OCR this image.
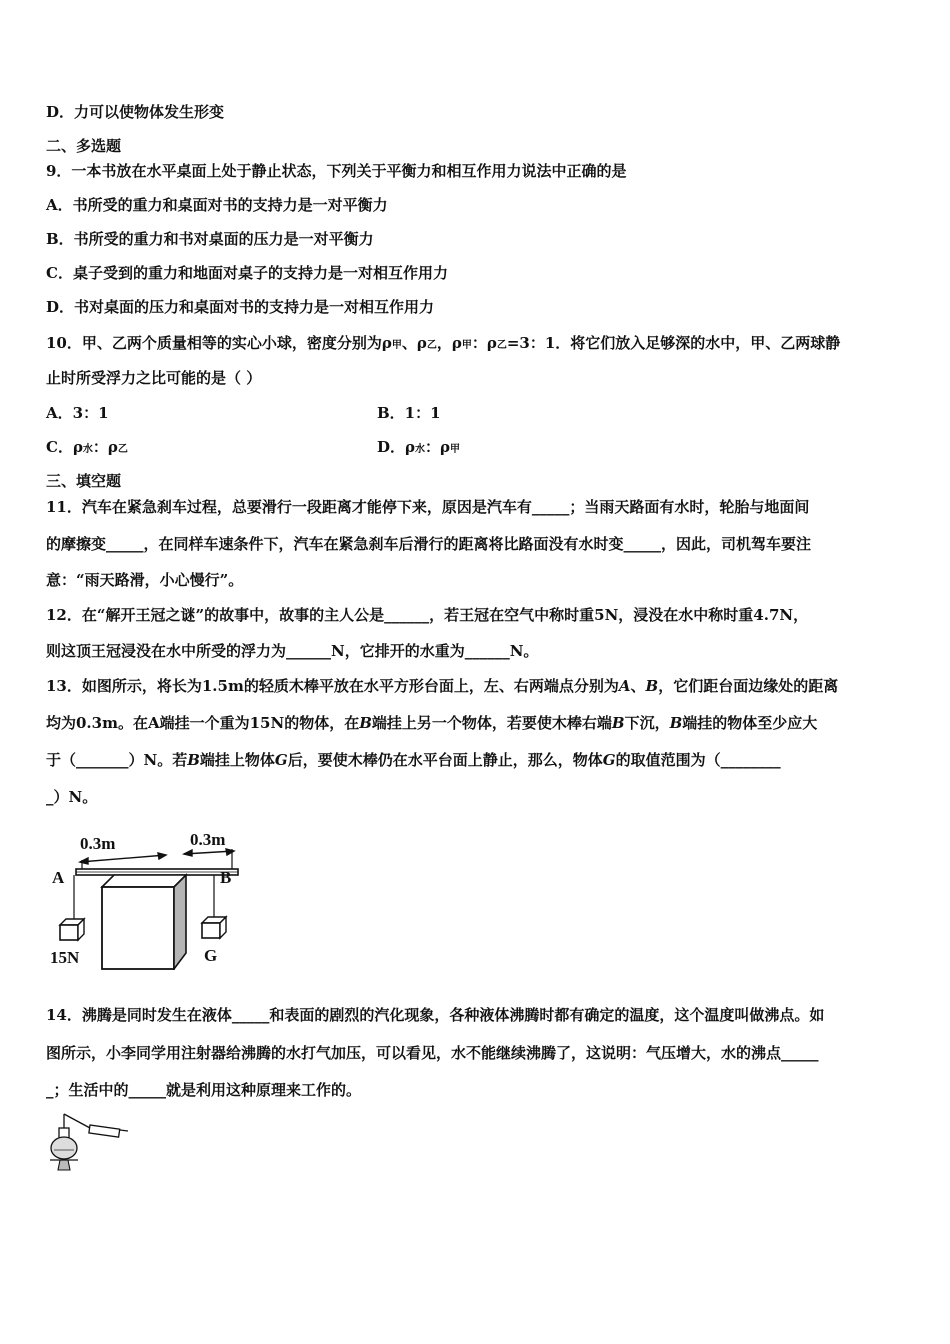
D．力可以使物体发生形变
二、多选题
9．一本书放在水平桌面上处于静止状态，下列关于平衡力和相互作用力说法中正确的是
A．书所受的重力和桌面对书的支持力是一对平衡力
B．书所受的重力和书对桌面的压力是一对平衡力
C．桌子受到的重力和地面对桌子的支持力是一对相互作用力
D．书对桌面的压力和桌面对书的支持力是一对相互作用力
10．甲、乙两个质量相等的实心小球，密度分别为ρ甲、ρ乙，ρ甲：ρ乙=3：1．将它们放入足够深的水中，甲、乙两球静
止时所受浮力之比可能的是（ ）
A．3：1	B．1：1
C．ρ水：ρ乙	D．ρ水：ρ甲
三、填空题
11．汽车在紧急刹车过程，总要滑行一段距离才能停下来，原因是汽车有_____；当雨天路面有水时，轮胎与地面间
的摩擦变_____，在同样车速条件下，汽车在紧急刹车后滑行的距离将比路面没有水时变_____，因此，司机驾车要注
意：“雨天路滑，小心慢行”。
12．在“解开王冠之谜”的故事中，故事的主人公是______，若王冠在空气中称时重5N，浸没在水中称时重4.7N，
则这顶王冠浸没在水中所受的浮力为______N，它排开的水重为______N。
13．如图所示，将长为1.5m的轻质木棒平放在水平方形台面上，左、右两端点分别为A、B，它们距台面边缘处的距离
均为0.3m。在A端挂一个重为15N的物体，在B端挂上另一个物体，若要使木棒右端B下沉，B端挂的物体至少应大
于（_______）N。若B端挂上物体G后，要使木棒仍在水平台面上静止，那么，物体G的取值范围为（________
_）N。
0.3m	0.3m
A	B
15N	G
14．沸腾是同时发生在液体_____和表面的剧烈的汽化现象，各种液体沸腾时都有确定的温度，这个温度叫做沸点。如
图所示，小李同学用注射器给沸腾的水打气加压，可以看见，水不能继续沸腾了，这说明：气压增大，水的沸点_____
_；生活中的_____就是利用这种原理来工作的。
